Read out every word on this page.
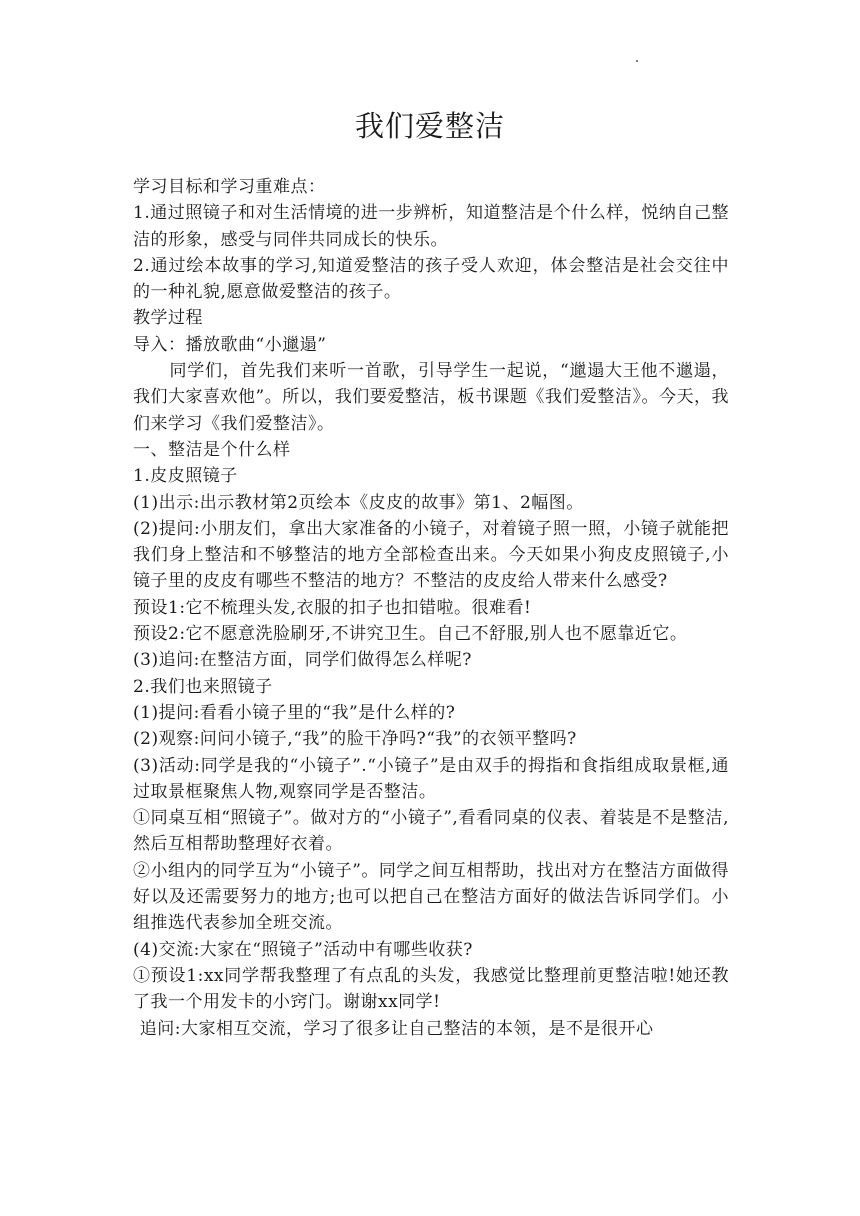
我们爱整洁

学习目标和学习重难点：

1.通过照镜子和对生活情境的进一步辨析，知道整洁是个什么样，悦纳自己整洁的形象，感受与同伴共同成长的快乐。

2.通过绘本故事的学习,知道爱整洁的孩子受人欢迎，体会整洁是社会交往中的一种礼貌,愿意做爱整洁的孩子。

教学过程

导入：播放歌曲“小邋遢”

同学们，首先我们来听一首歌，引导学生一起说，“邋遢大王他不邋遢，我们大家喜欢他”。所以，我们要爱整洁，板书课题《我们爱整洁》。今天，我们来学习《我们爱整洁》。

一、整洁是个什么样

1.皮皮照镜子

(1)出示:出示教材第2页绘本《皮皮的故事》第1、2幅图。

(2)提问:小朋友们，拿出大家准备的小镜子，对着镜子照一照，小镜子就能把我们身上整洁和不够整洁的地方全部检查出来。今天如果小狗皮皮照镜子,小镜子里的皮皮有哪些不整洁的地方？不整洁的皮皮给人带来什么感受?

预设1:它不梳理头发,衣服的扣子也扣错啦。很难看!

预设2:它不愿意洗脸刷牙,不讲究卫生。自己不舒服,别人也不愿靠近它。

(3)追问:在整洁方面，同学们做得怎么样呢?

2.我们也来照镜子

(1)提问:看看小镜子里的“我”是什么样的?

(2)观察:问问小镜子,“我”的脸干净吗?“我”的衣领平整吗?

(3)活动:同学是我的“小镜子”.“小镜子”是由双手的拇指和食指组成取景框,通过取景框聚焦人物,观察同学是否整洁。

①同桌互相“照镜子”。做对方的“小镜子”,看看同桌的仪表、着装是不是整洁,然后互相帮助整理好衣着。

②小组内的同学互为“小镜子”。同学之间互相帮助，找出对方在整洁方面做得好以及还需要努力的地方;也可以把自己在整洁方面好的做法告诉同学们。小组推选代表参加全班交流。

(4)交流:大家在“照镜子”活动中有哪些收获?

①预设1:xx同学帮我整理了有点乱的头发，我感觉比整理前更整洁啦!她还教了我一个用发卡的小窍门。谢谢xx同学!

追问:大家相互交流，学习了很多让自己整洁的本领，是不是很开心
